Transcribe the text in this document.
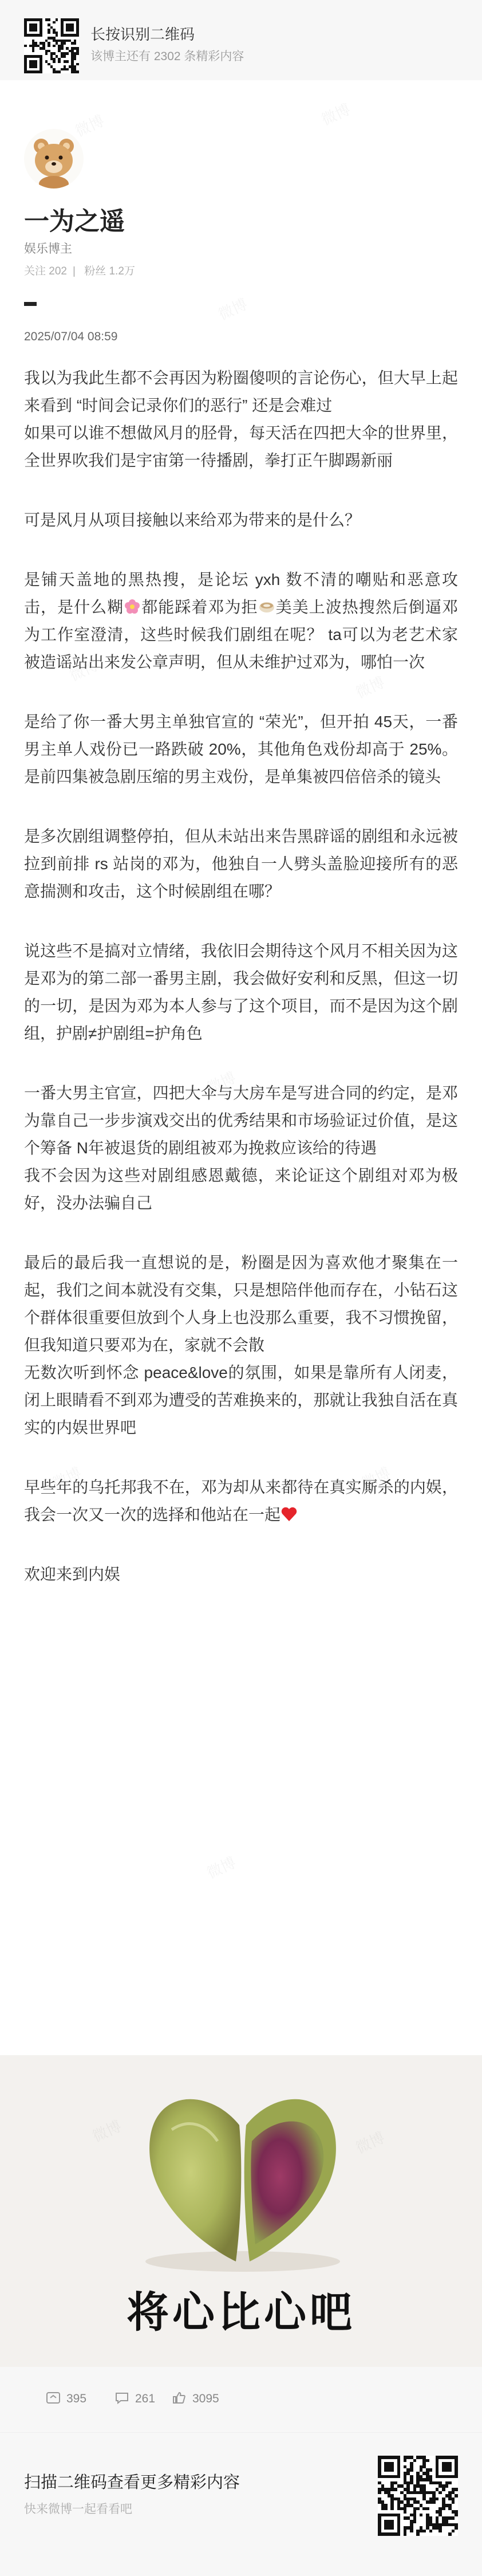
长按识别二维码
该博主还有 2302 条精彩内容
一为之遥
娱乐博主
关注 202 | 粉丝 1.2万
2025/07/04 08:59

我以为我此生都不会再因为粉圈傻呗的言论伤心，但大早上起来看到 “时间会记录你们的恶行” 还是会难过
如果可以谁不想做风月的胫骨，每天活在四把大伞的世界里，全世界吹我们是宇宙第一待播剧，拳打正午脚踢新丽

可是风月从项目接触以来给邓为带来的是什么？

是铺天盖地的黑热搜，是论坛 yxh 数不清的嘲贴和恶意攻击，是什么糊 都能踩着邓为拒 美美上波热搜然后倒逼邓为工作室澄清，这些时候我们剧组在呢？ ta可以为老艺术家被造谣站出来发公章声明，但从未维护过邓为，哪怕一次

是给了你一番大男主单独官宣的 “荣光”，但开拍 45天，一番男主单人戏份已一路跌破 20%，其他角色戏份却高于 25%。是前四集被急剧压缩的男主戏份，是单集被四倍倍杀的镜头

是多次剧组调整停拍，但从未站出来告黑辟谣的剧组和永远被拉到前排 rs 站岗的邓为，他独自一人劈头盖脸迎接所有的恶意揣测和攻击，这个时候剧组在哪？

说这些不是搞对立情绪，我依旧会期待这个风月不相关因为这是邓为的第二部一番男主剧，我会做好安利和反黑，但这一切的一切，是因为邓为本人参与了这个项目，而不是因为这个剧组，护剧≠护剧组=护角色

一番大男主官宣，四把大伞与大房车是写进合同的约定，是邓为靠自己一步步演戏交出的优秀结果和市场验证过价值，是这个筹备 N年被退货的剧组被邓为挽救应该给的待遇
我不会因为这些对剧组感恩戴德，来论证这个剧组对邓为极好，没办法骗自己

最后的最后我一直想说的是，粉圈是因为喜欢他才聚集在一起，我们之间本就没有交集，只是想陪伴他而存在，小钻石这个群体很重要但放到个人身上也没那么重要，我不习惯挽留，但我知道只要邓为在，家就不会散
无数次听到怀念 peace&love的氛围，如果是靠所有人闭麦，闭上眼睛看不到邓为遭受的苦难换来的，那就让我独自活在真实的内娱世界吧

早些年的乌托邦我不在，邓为却从来都待在真实厮杀的内娱，我会一次又一次的选择和他站在一起

欢迎来到内娱

将心比心吧
395	261	3095
扫描二维码查看更多精彩内容
快来微博一起看看吧
